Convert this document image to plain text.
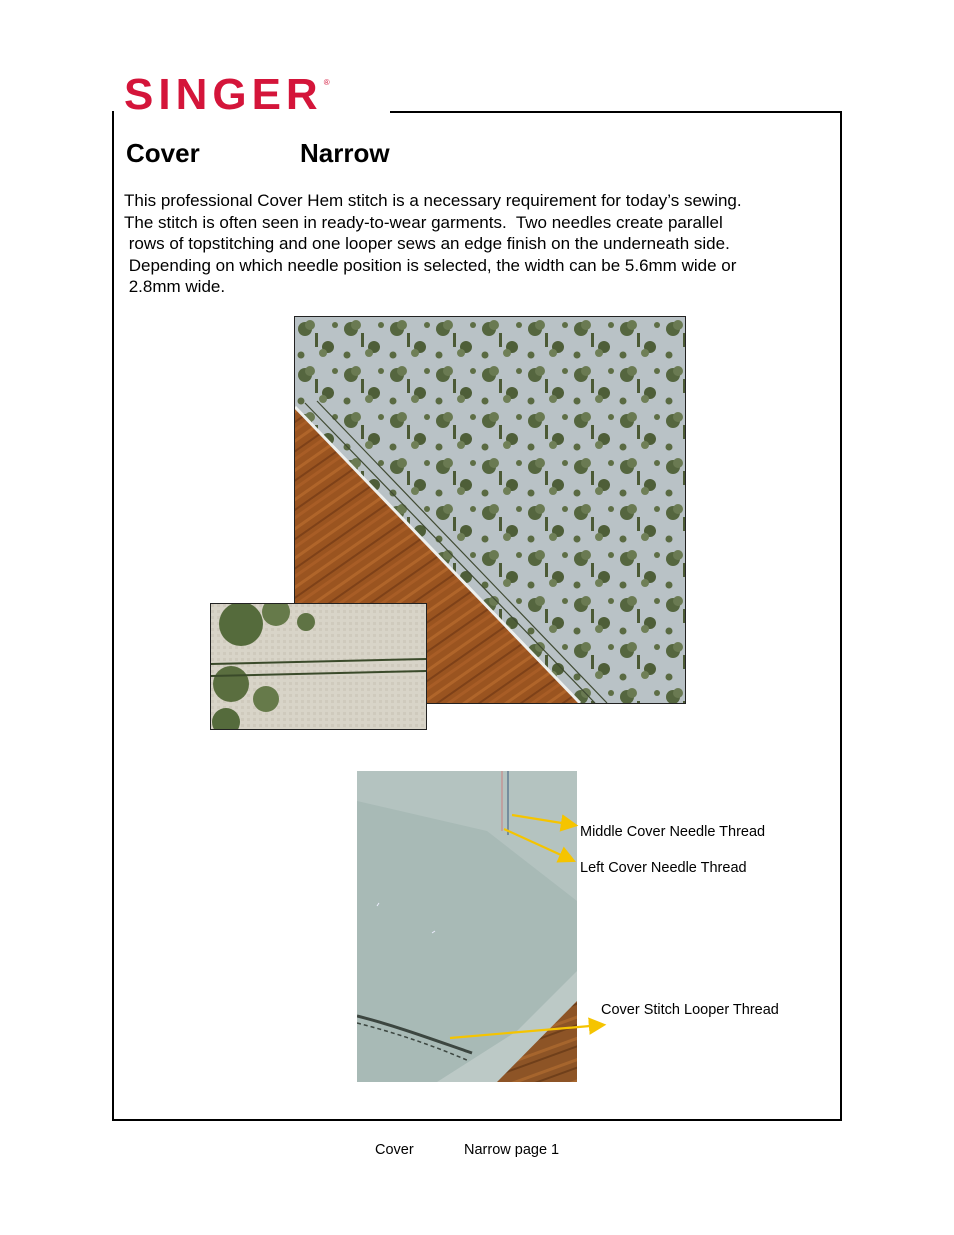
SINGER ®
Cover	Narrow
This professional Cover Hem stitch is a necessary requirement for today’s sewing.
The stitch is often seen in ready-to-wear garments.  Two needles create parallel
rows of topstitching and one looper sews an edge finish on the underneath side.
Depending on which needle position is selected, the width can be 5.6mm wide or
2.8mm wide.
Middle Cover Needle Thread
Left Cover Needle Thread
Cover Stitch Looper Thread
Cover	Narrow page 1
